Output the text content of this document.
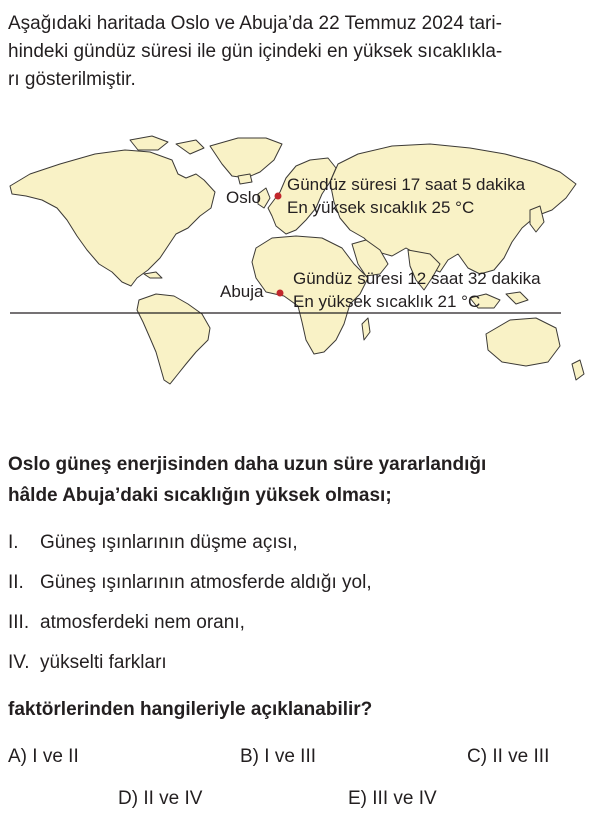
Aşağıdaki haritada Oslo ve Abuja’da 22 Temmuz 2024 tari-
hindeki gündüz süresi ile gün içindeki en yüksek sıcaklıkla-
rı gösterilmiştir.
Oslo
Gündüz süresi 17 saat 5 dakika
En yüksek sıcaklık 25 °C
Abuja
Gündüz süresi 12 saat 32 dakika
En yüksek sıcaklık 21 °C
Oslo güneş enerjisinden daha uzun süre yararlandığı
hâlde Abuja’daki sıcaklığın yüksek olması;
I. Güneş ışınlarının düşme açısı,
II. Güneş ışınlarının atmosferde aldığı yol,
III. atmosferdeki nem oranı,
IV. yükselti farkları
faktörlerinden hangileriyle açıklanabilir?
A) I ve II	B) I ve III	C) II ve III
D) II ve IV	E) III ve IV
